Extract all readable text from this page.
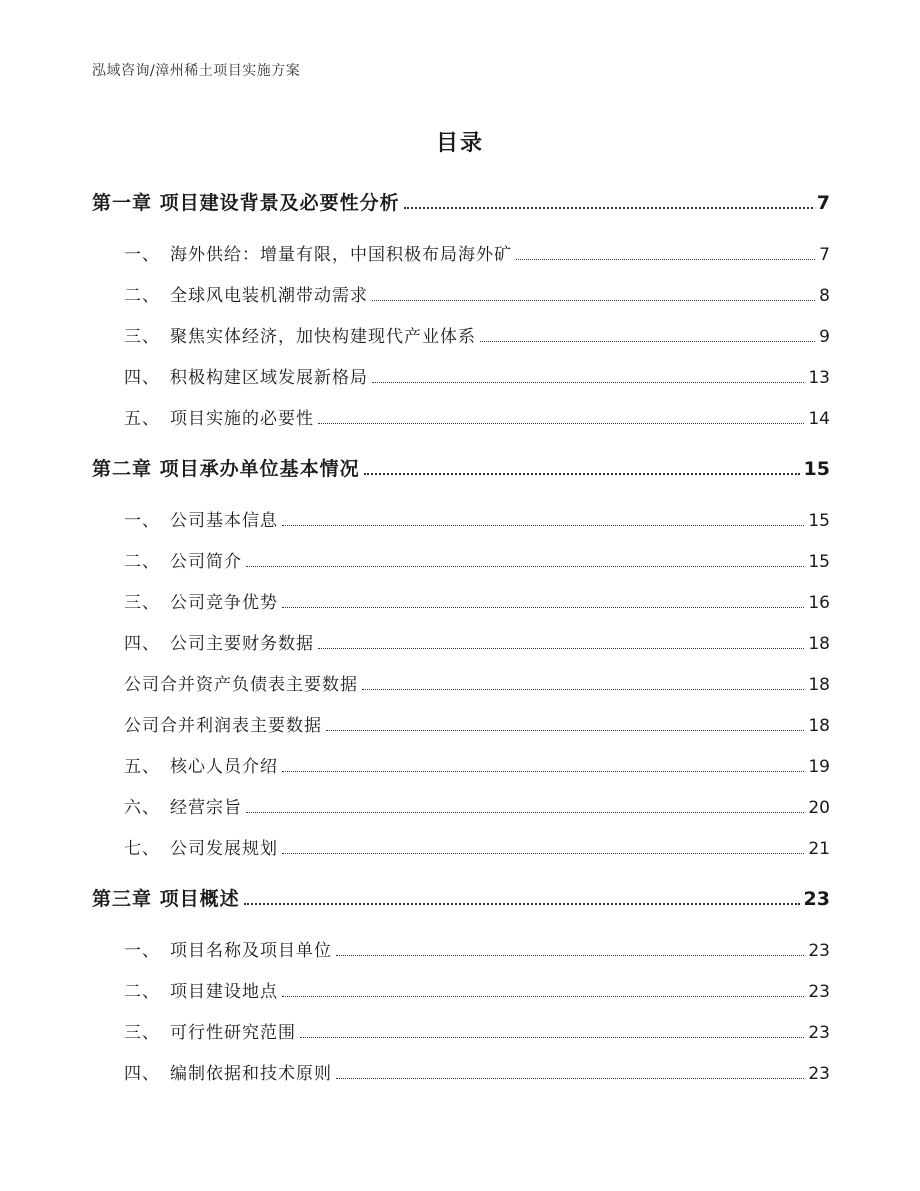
泓域咨询/漳州稀土项目实施方案
目录
第一章 项目建设背景及必要性分析	7
一、 海外供给：增量有限，中国积极布局海外矿	7
二、 全球风电装机潮带动需求	8
三、 聚焦实体经济，加快构建现代产业体系	9
四、 积极构建区域发展新格局	13
五、 项目实施的必要性	14
第二章 项目承办单位基本情况	15
一、 公司基本信息	15
二、 公司简介	15
三、 公司竞争优势	16
四、 公司主要财务数据	18
公司合并资产负债表主要数据	18
公司合并利润表主要数据	18
五、 核心人员介绍	19
六、 经营宗旨	20
七、 公司发展规划	21
第三章 项目概述	23
一、 项目名称及项目单位	23
二、 项目建设地点	23
三、 可行性研究范围	23
四、 编制依据和技术原则	23
